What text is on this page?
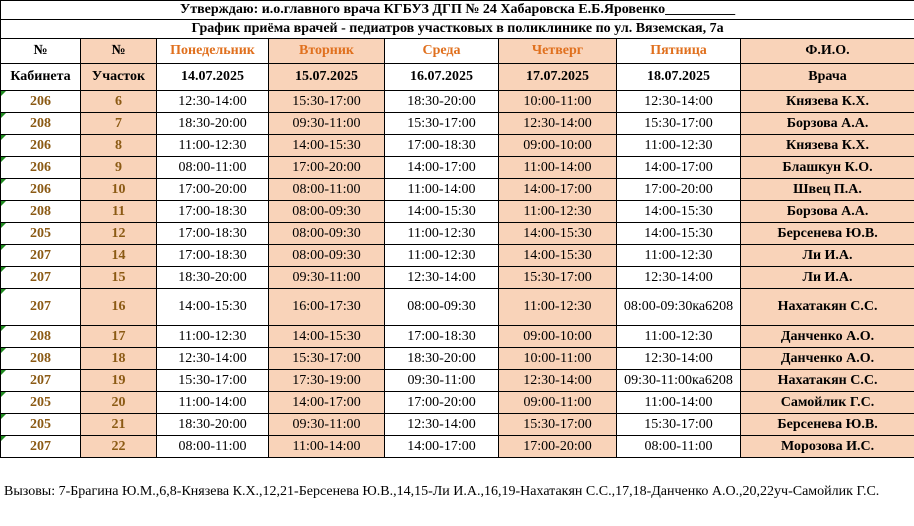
Утверждаю: и.о.главного врача КГБУЗ ДГП № 24 Хабаровска Е.Б.Яровенко__________							
График приёма врачей - педиатров участковых в поликлинике по ул. Вяземская, 7а							
№	№	Понедельник	Вторник	Среда	Четверг	Пятница	Ф.И.О.
Кабинета	Участок	14.07.2025	15.07.2025	16.07.2025	17.07.2025	18.07.2025	Врача
206	6	12:30-14:00	15:30-17:00	18:30-20:00	10:00-11:00	12:30-14:00	Князева К.Х.
208	7	18:30-20:00	09:30-11:00	15:30-17:00	12:30-14:00	15:30-17:00	Борзова А.А.
206	8	11:00-12:30	14:00-15:30	17:00-18:30	09:00-10:00	11:00-12:30	Князева К.Х.
206	9	08:00-11:00	17:00-20:00	14:00-17:00	11:00-14:00	14:00-17:00	Блашкун К.О.
206	10	17:00-20:00	08:00-11:00	11:00-14:00	14:00-17:00	17:00-20:00	Швец П.А.
208	11	17:00-18:30	08:00-09:30	14:00-15:30	11:00-12:30	14:00-15:30	Борзова А.А.
205	12	17:00-18:30	08:00-09:30	11:00-12:30	14:00-15:30	14:00-15:30	Берсенева Ю.В.
207	14	17:00-18:30	08:00-09:30	11:00-12:30	14:00-15:30	11:00-12:30	Ли И.А.
207	15	18:30-20:00	09:30-11:00	12:30-14:00	15:30-17:00	12:30-14:00	Ли И.А.
207	16	14:00-15:30	16:00-17:30	08:00-09:30	11:00-12:30	08:00-09:30ка6208	Нахатакян С.С.
208	17	11:00-12:30	14:00-15:30	17:00-18:30	09:00-10:00	11:00-12:30	Данченко А.О.
208	18	12:30-14:00	15:30-17:00	18:30-20:00	10:00-11:00	12:30-14:00	Данченко А.О.
207	19	15:30-17:00	17:30-19:00	09:30-11:00	12:30-14:00	09:30-11:00ка6208	Нахатакян С.С.
205	20	11:00-14:00	14:00-17:00	17:00-20:00	09:00-11:00	11:00-14:00	Самойлик Г.С.
205	21	18:30-20:00	09:30-11:00	12:30-14:00	15:30-17:00	15:30-17:00	Берсенева Ю.В.
207	22	08:00-11:00	11:00-14:00	14:00-17:00	17:00-20:00	08:00-11:00	Морозова И.С.
Вызовы: 7-Брагина Ю.М.,6,8-Князева К.Х.,12,21-Берсенева Ю.В.,14,15-Ли И.А.,16,19-Нахатакян С.С.,17,18-Данченко А.О.,20,22уч-Самойлик Г.С.
